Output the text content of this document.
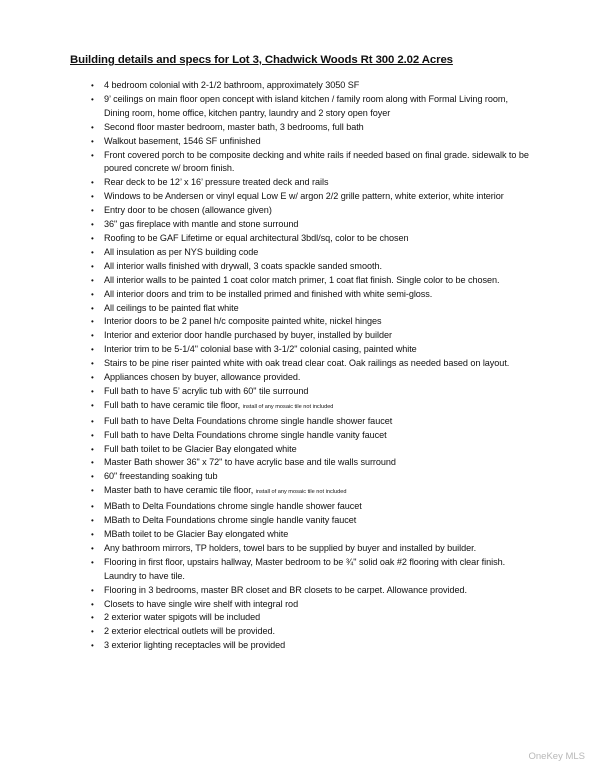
Building details and specs for Lot 3, Chadwick Woods Rt 300 2.02 Acres
• 4 bedroom colonial with 2-1/2 bathroom, approximately 3050 SF
• 9’ ceilings on main floor open concept with island kitchen / family room along with Formal Living room, Dining room, home office, kitchen pantry, laundry and 2 story open foyer
• Second floor master bedroom, master bath, 3 bedrooms, full bath
• Walkout basement, 1546 SF unfinished
• Front covered porch to be composite decking and white rails if needed based on final grade. sidewalk to be poured concrete w/ broom finish.
• Rear deck to be 12’ x 16’ pressure treated deck and rails
• Windows to be Andersen or vinyl equal Low E w/ argon 2/2 grille pattern, white exterior, white interior
• Entry door to be chosen (allowance given)
• 36" gas fireplace with mantle and stone surround
• Roofing to be GAF Lifetime or equal architectural 3bdl/sq, color to be chosen
• All insulation as per NYS building code
• All interior walls finished with drywall, 3 coats spackle sanded smooth.
• All interior walls to be painted 1 coat color match primer, 1 coat flat finish. Single color to be chosen.
• All interior doors and trim to be installed primed and finished with white semi-gloss.
• All ceilings to be painted flat white
• Interior doors to be 2 panel h/c composite painted white, nickel hinges
• Interior and exterior door handle purchased by buyer, installed by builder
• Interior trim to be 5-1/4" colonial base with 3-1/2" colonial casing, painted white
• Stairs to be pine riser painted white with oak tread clear coat. Oak railings as needed based on layout.
• Appliances chosen by buyer, allowance provided.
• Full bath to have 5’ acrylic tub with 60" tile surround
• Full bath to have ceramic tile floor, install of any mosaic tile not included
• Full bath to have Delta Foundations chrome single handle shower faucet
• Full bath to have Delta Foundations chrome single handle vanity faucet
• Full bath toilet to be Glacier Bay elongated white
• Master Bath shower 36" x 72" to have acrylic base and tile walls surround
• 60" freestanding soaking tub
• Master bath to have ceramic tile floor, install of any mosaic tile not included
• MBath to Delta Foundations chrome single handle shower faucet
• MBath to Delta Foundations chrome single handle vanity faucet
• MBath toilet to be Glacier Bay elongated white
• Any bathroom mirrors, TP holders, towel bars to be supplied by buyer and installed by builder.
• Flooring in first floor, upstairs hallway, Master bedroom to be ¾" solid oak #2 flooring with clear finish. Laundry to have tile.
• Flooring in 3 bedrooms, master BR closet and BR closets to be carpet. Allowance provided.
• Closets to have single wire shelf with integral rod
• 2 exterior water spigots will be included
• 2 exterior electrical outlets will be provided.
• 3 exterior lighting receptacles will be provided
OneKey MLS
